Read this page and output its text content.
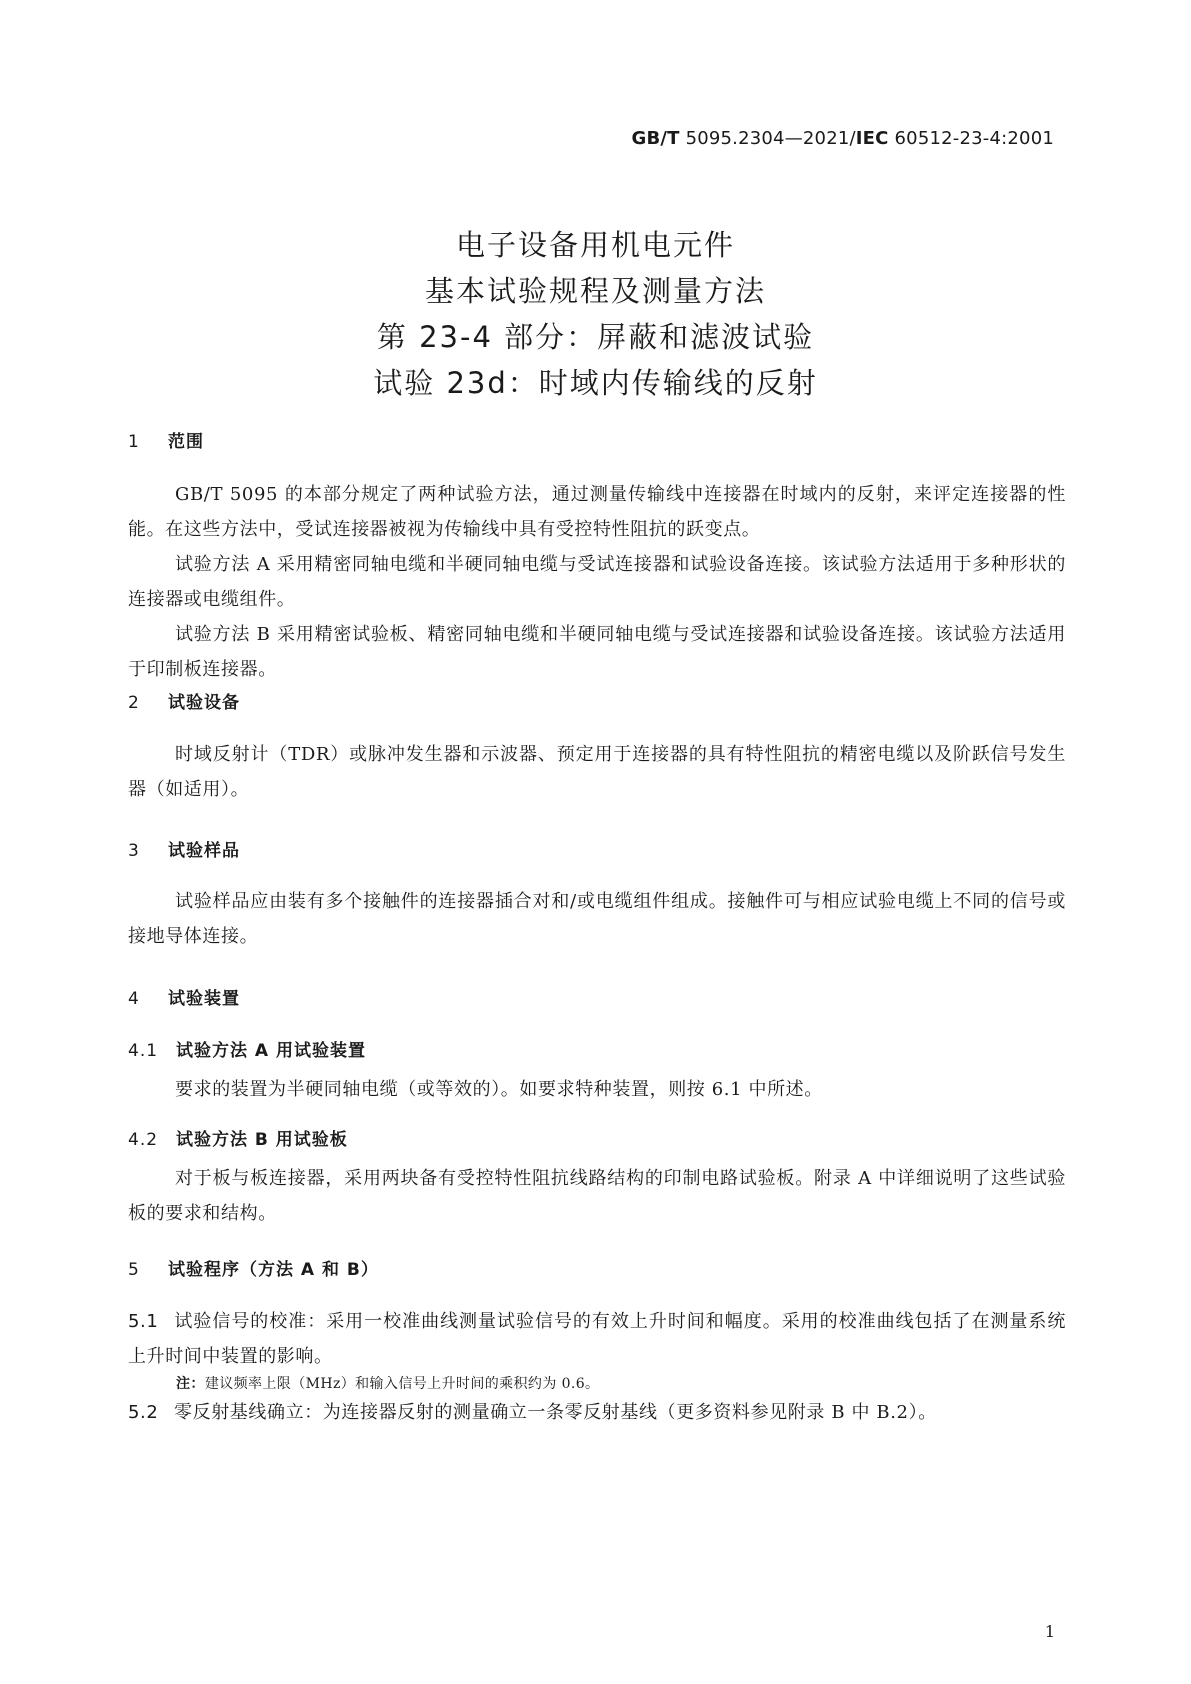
GB/T 5095.2304—2021/IEC 60512-23-4:2001
电子设备用机电元件
基本试验规程及测量方法
第 23-4 部分：屏蔽和滤波试验
试验 23d：时域内传输线的反射
1 范围
GB/T 5095 的本部分规定了两种试验方法，通过测量传输线中连接器在时域内的反射，来评定连接器的性能。在这些方法中，受试连接器被视为传输线中具有受控特性阻抗的跃变点。
试验方法 A 采用精密同轴电缆和半硬同轴电缆与受试连接器和试验设备连接。该试验方法适用于多种形状的连接器或电缆组件。
试验方法 B 采用精密试验板、精密同轴电缆和半硬同轴电缆与受试连接器和试验设备连接。该试验方法适用于印制板连接器。
2 试验设备
时域反射计（TDR）或脉冲发生器和示波器、预定用于连接器的具有特性阻抗的精密电缆以及阶跃信号发生器（如适用）。
3 试验样品
试验样品应由装有多个接触件的连接器插合对和/或电缆组件组成。接触件可与相应试验电缆上不同的信号或接地导体连接。
4 试验装置
4.1 试验方法 A 用试验装置
要求的装置为半硬同轴电缆（或等效的）。如要求特种装置，则按 6.1 中所述。
4.2 试验方法 B 用试验板
对于板与板连接器，采用两块备有受控特性阻抗线路结构的印制电路试验板。附录 A 中详细说明了这些试验板的要求和结构。
5 试验程序（方法 A 和 B）
5.1 试验信号的校准：采用一校准曲线测量试验信号的有效上升时间和幅度。采用的校准曲线包括了在测量系统上升时间中装置的影响。
注：建议频率上限（MHz）和输入信号上升时间的乘积约为 0.6。
5.2 零反射基线确立：为连接器反射的测量确立一条零反射基线（更多资料参见附录 B 中 B.2）。
1
